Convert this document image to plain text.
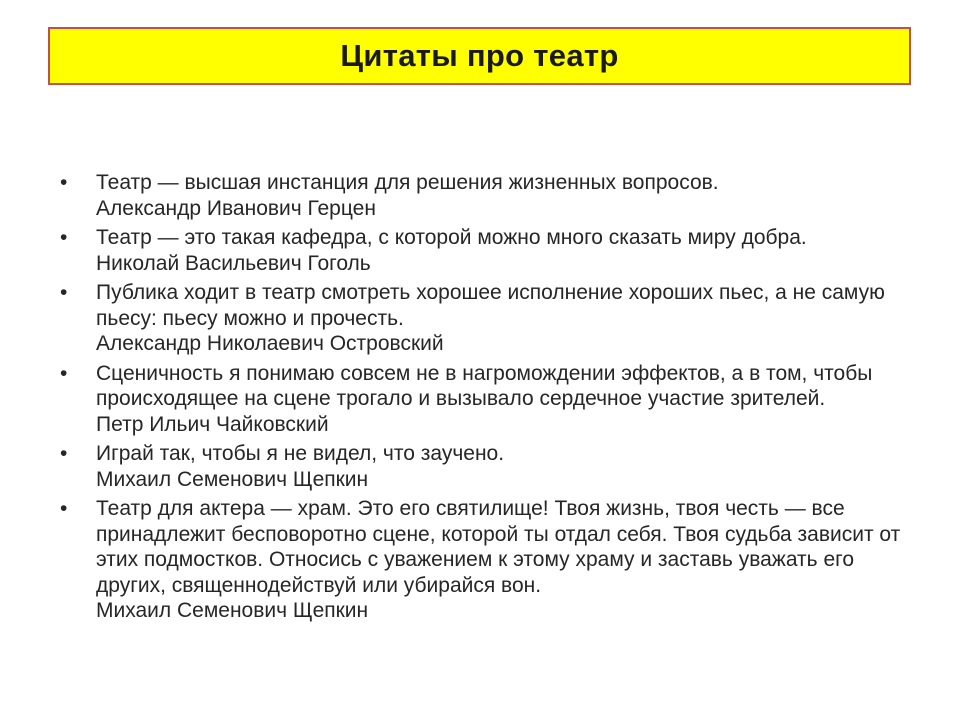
Цитаты про театр
•	Театр — высшая инстанция для решения жизненных вопросов.
Александр Иванович Герцен
•	Театр — это такая кафедра, с которой можно много сказать миру добра.
Николай Васильевич Гоголь
•	Публика ходит в театр смотреть хорошее исполнение хороших пьес, а не самую пьесу: пьесу можно и прочесть.
Александр Николаевич Островский
•	Сценичность я понимаю совсем не в нагромождении эффектов, а в том, чтобы происходящее на сцене трогало и вызывало сердечное участие зрителей.
Петр Ильич Чайковский
•	Играй так, чтобы я не видел, что заучено.
Михаил Семенович Щепкин
•	Театр для актера — храм. Это его святилище! Твоя жизнь, твоя честь — все принадлежит бесповоротно сцене, которой ты отдал себя. Твоя судьба зависит от этих подмостков. Относись с уважением к этому храму и заставь уважать его других, священнодействуй или убирайся вон.
Михаил Семенович Щепкин
